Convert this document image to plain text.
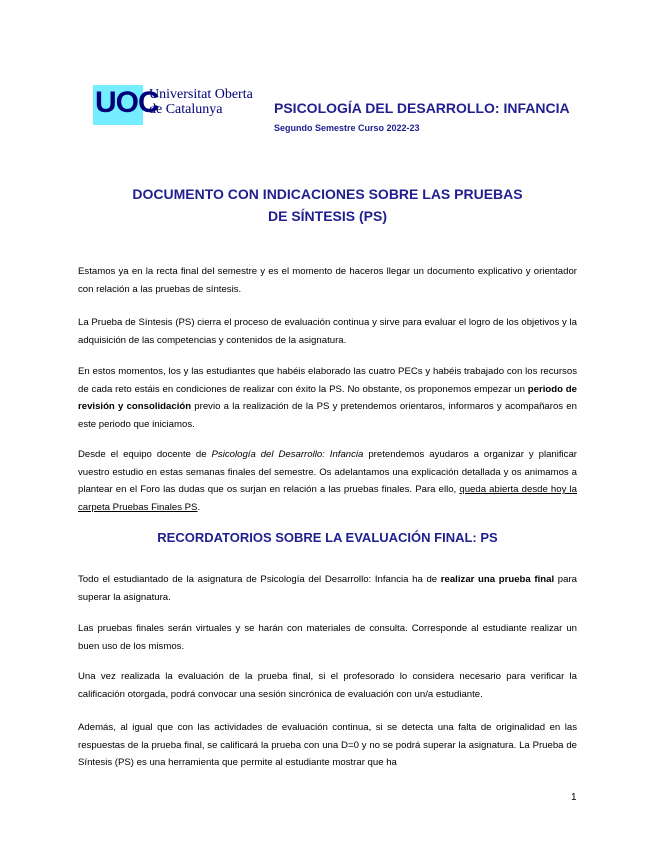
UOC
Universitat Oberta
de Catalunya	PSICOLOGÍA DEL DESARROLLO: INFANCIA
Segundo Semestre Curso 2022-23
DOCUMENTO CON INDICACIONES SOBRE LAS PRUEBAS
DE SÍNTESIS (PS)
Estamos ya en la recta final del semestre y es el momento de haceros llegar un documento explicativo y orientador con relación a las pruebas de síntesis.
La Prueba de Síntesis (PS) cierra el proceso de evaluación continua y sirve para evaluar el logro de los objetivos y la adquisición de las competencias y contenidos de la asignatura.
En estos momentos, los y las estudiantes que habéis elaborado las cuatro PECs y habéis trabajado con los recursos de cada reto estáis en condiciones de realizar con éxito la PS. No obstante, os proponemos empezar un periodo de revisión y consolidación previo a la realización de la PS y pretendemos orientaros, informaros y acompañaros en este periodo que iniciamos.
Desde el equipo docente de Psicología del Desarrollo: Infancia pretendemos ayudaros a organizar y planificar vuestro estudio en estas semanas finales del semestre. Os adelantamos una explicación detallada y os animamos a plantear en el Foro las dudas que os surjan en relación a las pruebas finales. Para ello, queda abierta desde hoy la carpeta Pruebas Finales PS.
RECORDATORIOS SOBRE LA EVALUACIÓN FINAL: PS
Todo el estudiantado de la asignatura de Psicología del Desarrollo: Infancia ha de realizar una prueba final para superar la asignatura.
Las pruebas finales serán virtuales y se harán con materiales de consulta. Corresponde al estudiante realizar un buen uso de los mismos.
Una vez realizada la evaluación de la prueba final, si el profesorado lo considera necesario para verificar la calificación otorgada, podrá convocar una sesión sincrónica de evaluación con un/a estudiante.
Además, al igual que con las actividades de evaluación continua, si se detecta una falta de originalidad en las respuestas de la prueba final, se calificará la prueba con una D=0 y no se podrá superar la asignatura. La Prueba de Síntesis (PS) es una herramienta que permite al estudiante mostrar que ha
1
